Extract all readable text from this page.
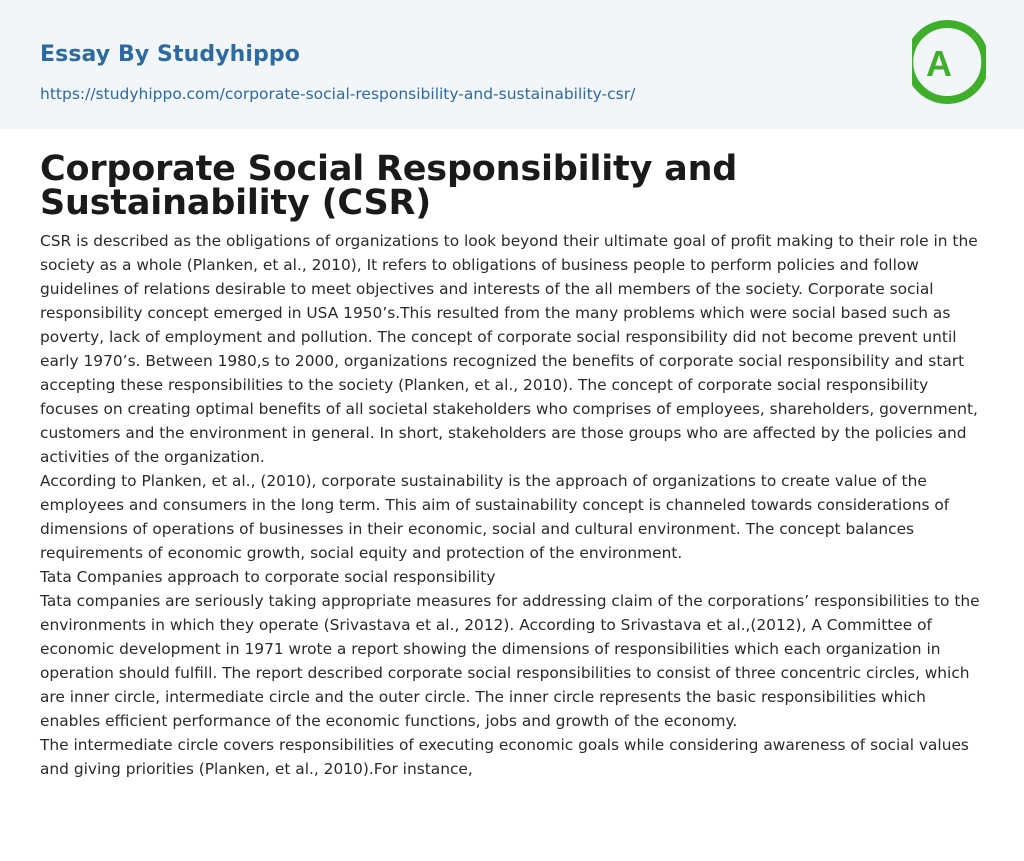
Essay By Studyhippo
https://studyhippo.com/corporate-social-responsibility-and-sustainability-csr/
A
Corporate Social Responsibility and Sustainability (CSR)

CSR is described as the obligations of organizations to look beyond their ultimate goal of profit making to their role in the society as a whole (Planken, et al., 2010), It refers to obligations of business people to perform policies and follow guidelines of relations desirable to meet objectives and interests of the all members of the society. Corporate social responsibility concept emerged in USA 1950’s.This resulted from the many problems which were social based such as poverty, lack of employment and pollution. The concept of corporate social responsibility did not become prevent until early 1970’s. Between 1980,s to 2000, organizations recognized the benefits of corporate social responsibility and start accepting these responsibilities to the society (Planken, et al., 2010). The concept of corporate social responsibility focuses on creating optimal benefits of all societal stakeholders who comprises of employees, shareholders, government, customers and the environment in general. In short, stakeholders are those groups who are affected by the policies and activities of the organization.

According to Planken, et al., (2010), corporate sustainability is the approach of organizations to create value of the employees and consumers in the long term. This aim of sustainability concept is channeled towards considerations of dimensions of operations of businesses in their economic, social and cultural environment. The concept balances requirements of economic growth, social equity and protection of the environment.

Tata Companies approach to corporate social responsibility

Tata companies are seriously taking appropriate measures for addressing claim of the corporations’ responsibilities to the environments in which they operate (Srivastava et al., 2012). According to Srivastava et al.,(2012), A Committee of economic development in 1971 wrote a report showing the dimensions of responsibilities which each organization in operation should fulfill. The report described corporate social responsibilities to consist of three concentric circles, which are inner circle, intermediate circle and the outer circle. The inner circle represents the basic responsibilities which enables efficient performance of the economic functions, jobs and growth of the economy.

The intermediate circle covers responsibilities of executing economic goals while considering awareness of social values and giving priorities (Planken, et al., 2010).For instance,
